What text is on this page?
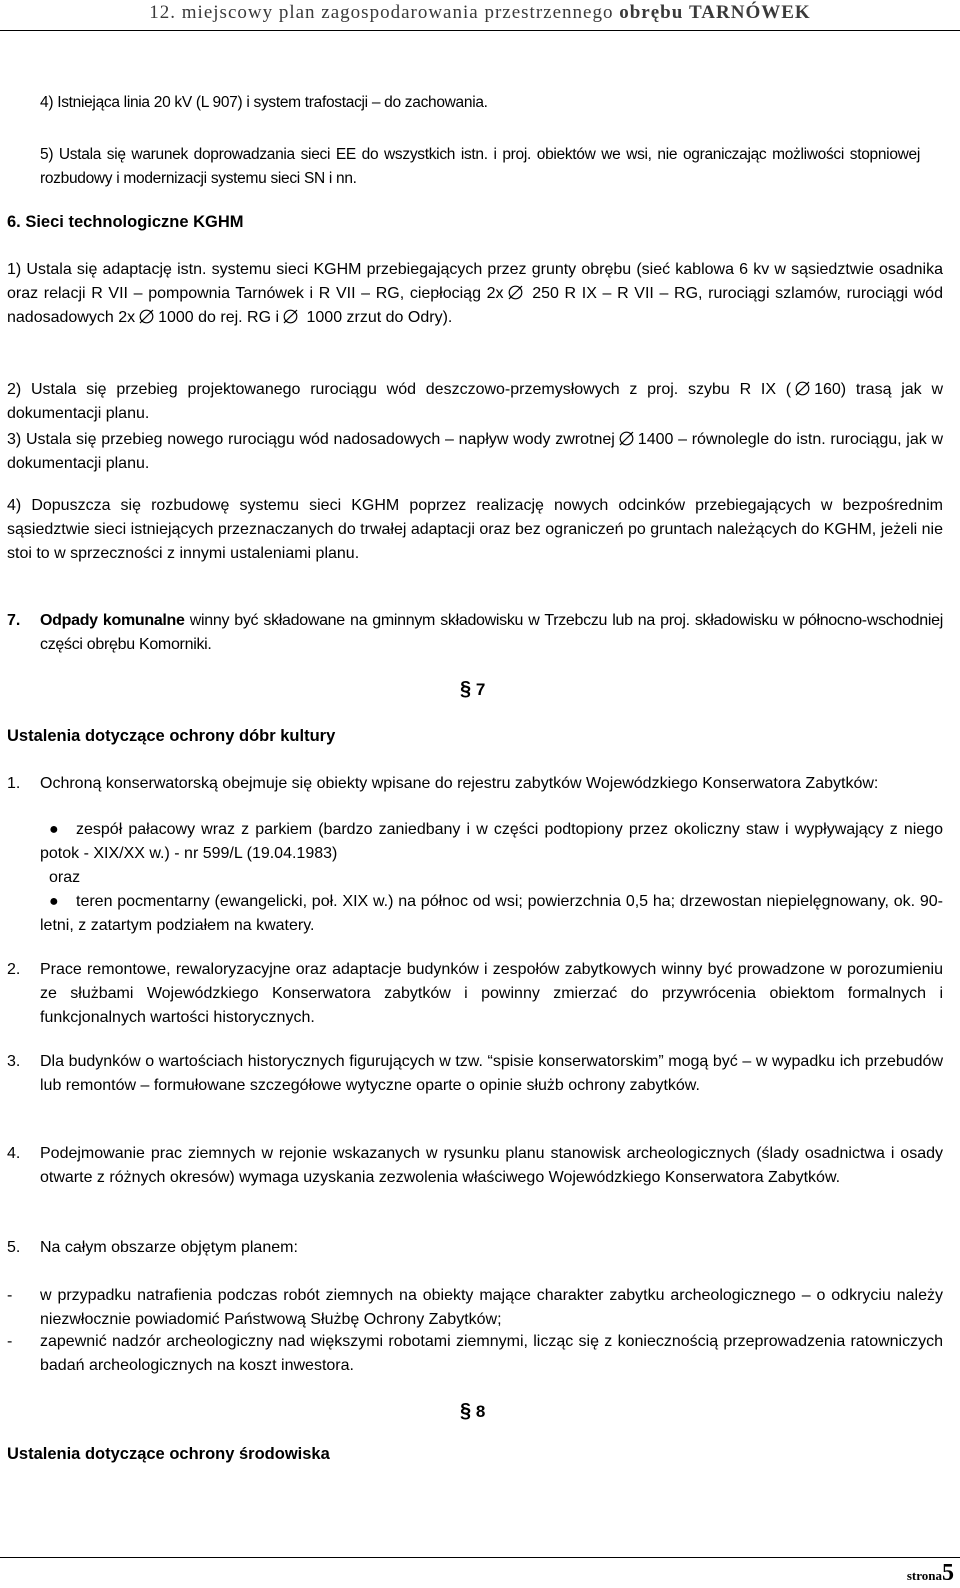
12. miejscowy plan zagospodarowania przestrzennego obrębu TARNÓWEK

4) Istniejąca linia 20 kV (L 907) i system trafostacji – do zachowania.

5) Ustala się warunek doprowadzania sieci EE do wszystkich istn. i proj. obiektów we wsi, nie ograniczając możliwości stopniowej rozbudowy i modernizacji systemu sieci SN i nn.

6. Sieci technologiczne KGHM

1) Ustala się adaptację istn. systemu sieci KGHM przebiegających przez grunty obrębu (sieć kablowa 6 kv w sąsiedztwie osadnika oraz relacji R VII – pompownia Tarnówek i R VII – RG, ciepłociąg 2x 250 R IX – R VII – RG, rurociągi szlamów, rurociągi wód nadosadowych 2x 1000 do rej. RG i 1000 zrzut do Odry).

2) Ustala się przebieg projektowanego rurociągu wód deszczowo-przemysłowych z proj. szybu R IX ( 160) trasą jak w dokumentacji planu.

3) Ustala się przebieg nowego rurociągu wód nadosadowych – napływ wody zwrotnej 1400 – równolegle do istn. rurociągu, jak w dokumentacji planu.

4) Dopuszcza się rozbudowę systemu sieci KGHM poprzez realizację nowych odcinków przebiegających w bezpośrednim sąsiedztwie sieci istniejących przeznaczanych do trwałej adaptacji oraz bez ograniczeń po gruntach należących do KGHM, jeżeli nie stoi to w sprzeczności z innymi ustaleniami planu.

7. Odpady komunalne winny być składowane na gminnym składowisku w Trzebczu lub na proj. składowisku w północno-wschodniej części obrębu Komorniki.

§ 7

Ustalenia dotyczące ochrony dóbr kultury

1. Ochroną konserwatorską obejmuje się obiekty wpisane do rejestru zabytków Wojewódzkiego Konserwatora Zabytków:

●	zespół pałacowy wraz z parkiem (bardzo zaniedbany i w części podtopiony przez okoliczny staw i wypływający z niego potok - XIX/XX w.) - nr 599/L (19.04.1983)

oraz

●	teren pocmentarny (ewangelicki, poł. XIX w.) na północ od wsi; powierzchnia 0,5 ha; drzewostan niepielęgnowany, ok. 90-letni, z zatartym podziałem na kwatery.

2. Prace remontowe, rewaloryzacyjne oraz adaptacje budynków i zespołów zabytkowych winny być prowadzone w porozumieniu ze służbami Wojewódzkiego Konserwatora zabytków i powinny zmierzać do przywrócenia obiektom formalnych i funkcjonalnych wartości historycznych.

3. Dla budynków o wartościach historycznych figurujących w tzw. “spisie konserwatorskim” mogą być – w wypadku ich przebudów lub remontów – formułowane szczegółowe wytyczne oparte o opinie służb ochrony zabytków.

4. Podejmowanie prac ziemnych w rejonie wskazanych w rysunku planu stanowisk archeologicznych (ślady osadnictwa i osady otwarte z różnych okresów) wymaga uzyskania zezwolenia właściwego Wojewódzkiego Konserwatora Zabytków.

5. Na całym obszarze objętym planem:

- w przypadku natrafienia podczas robót ziemnych na obiekty mające charakter zabytku archeologicznego – o odkryciu należy niezwłocznie powiadomić Państwową Służbę Ochrony Zabytków;

- zapewnić nadzór archeologiczny nad większymi robotami ziemnymi, licząc się z koniecznością przeprowadzenia ratowniczych badań archeologicznych na koszt inwestora.

§ 8

Ustalenia dotyczące ochrony środowiska

strona5
